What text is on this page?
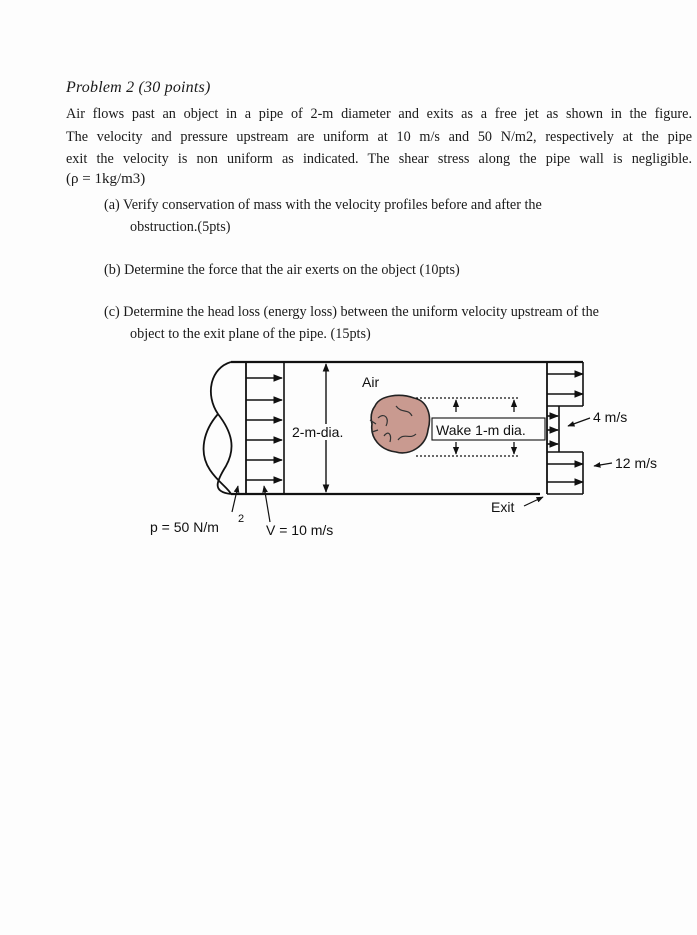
Problem 2 (30 points)
Air flows past an object in a pipe of 2-m diameter and exits as a free jet as shown in the figure.
The velocity and pressure upstream are uniform at 10 m/s and 50 N/m2, respectively at the pipe
exit the velocity is non uniform as indicated. The shear stress along the pipe wall is negligible.
(ρ = 1kg/m3)
(a) Verify conservation of mass with the velocity profiles before and after the
obstruction.(5pts)
(b) Determine the force that the air exerts on the object (10pts)
(c) Determine the head loss (energy loss) between the uniform velocity upstream of the
object to the exit plane of the pipe. (15pts)
2-m-dia.
Air
Wake 1-m dia.
4 m/s
12 m/s
Exit
p = 50 N/m 2
V = 10 m/s
